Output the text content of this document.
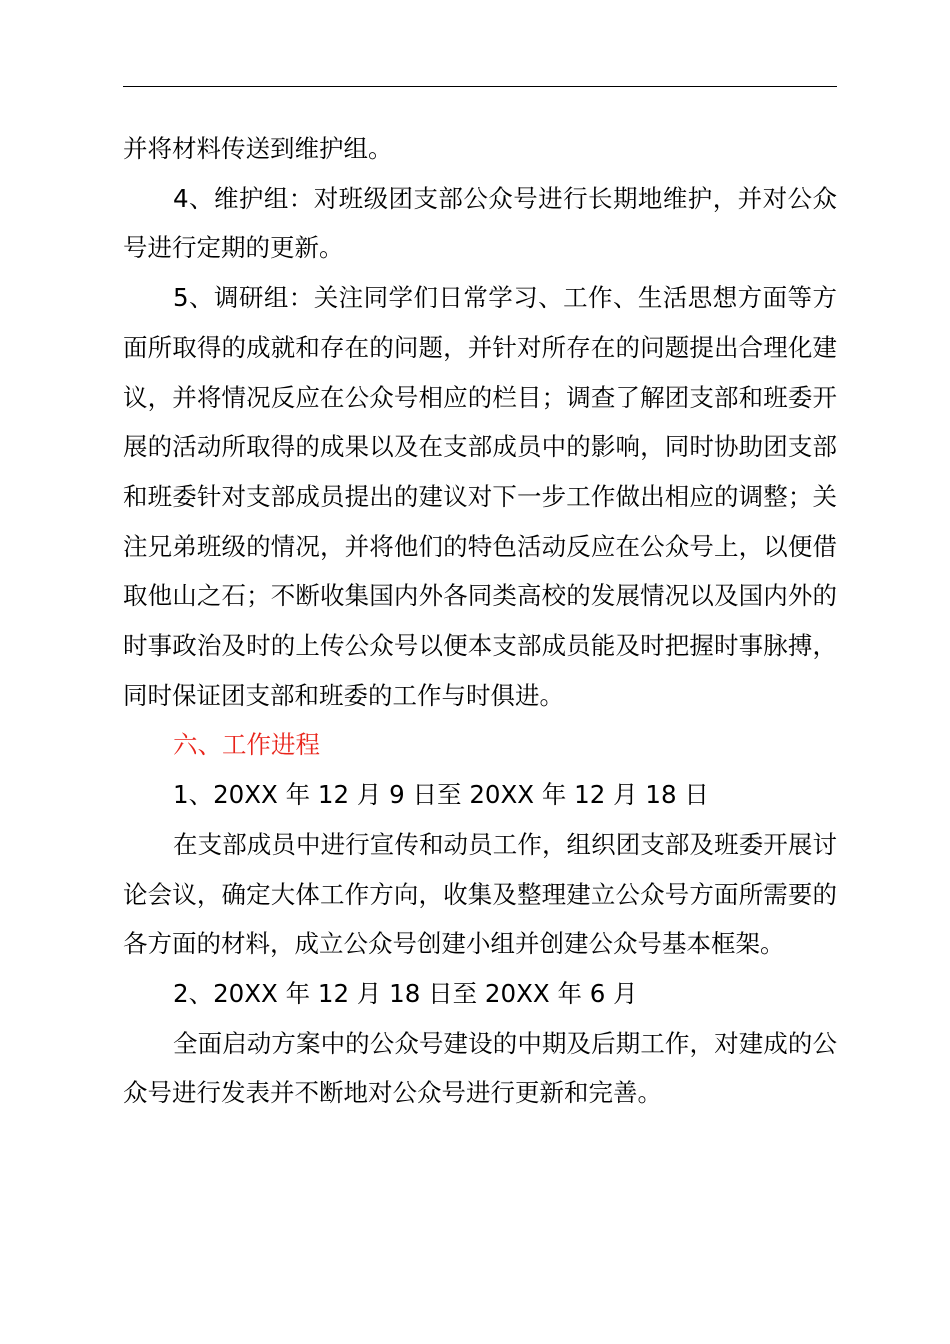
并将材料传送到维护组。

4、维护组：对班级团支部公众号进行长期地维护，并对公众号进行定期的更新。

5、调研组：关注同学们日常学习、工作、生活思想方面等方面所取得的成就和存在的问题，并针对所存在的问题提出合理化建议，并将情况反应在公众号相应的栏目；调查了解团支部和班委开展的活动所取得的成果以及在支部成员中的影响，同时协助团支部和班委针对支部成员提出的建议对下一步工作做出相应的调整；关注兄弟班级的情况，并将他们的特色活动反应在公众号上，以便借取他山之石；不断收集国内外各同类高校的发展情况以及国内外的时事政治及时的上传公众号以便本支部成员能及时把握时事脉搏，同时保证团支部和班委的工作与时俱进。

六、工作进程

1、20XX 年 12 月 9 日至 20XX 年 12 月 18 日

在支部成员中进行宣传和动员工作，组织团支部及班委开展讨论会议，确定大体工作方向，收集及整理建立公众号方面所需要的各方面的材料，成立公众号创建小组并创建公众号基本框架。

2、20XX 年 12 月 18 日至 20XX 年 6 月

全面启动方案中的公众号建设的中期及后期工作，对建成的公众号进行发表并不断地对公众号进行更新和完善。
